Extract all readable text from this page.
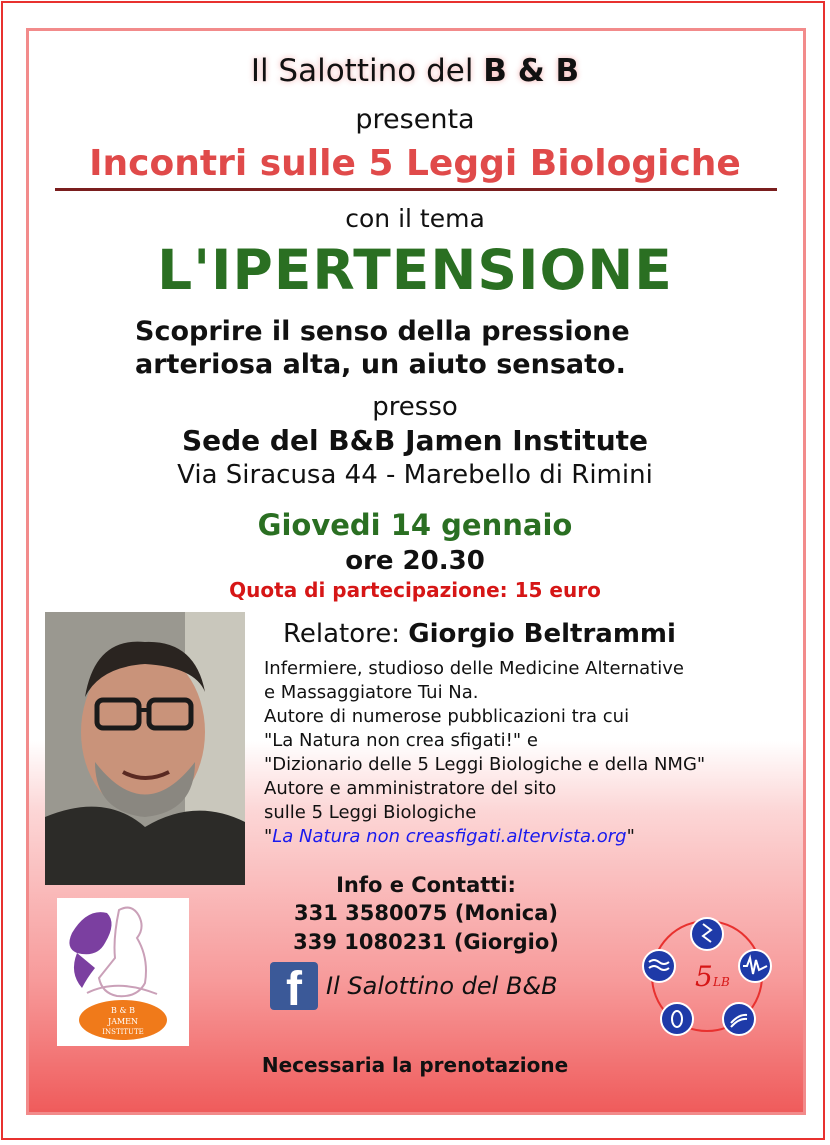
Il Salottino del B & B
presenta
Incontri sulle 5 Leggi Biologiche
con il tema
L'IPERTENSIONE
Scoprire il senso della pressione
arteriosa alta, un aiuto sensato.
presso
Sede del B&B Jamen Institute
Via Siracusa 44 - Marebello di Rimini
Giovedi 14 gennaio
ore 20.30
Quota di partecipazione: 15 euro
Relatore: Giorgio Beltrammi
Infermiere, studioso delle Medicine Alternative
e Massaggiatore Tui Na.
Autore di numerose pubblicazioni tra cui
"La Natura non crea sfigati!" e
"Dizionario delle 5 Leggi Biologiche e della NMG"
Autore e amministratore del sito
sulle 5 Leggi Biologiche
"La Natura non creasfigati.altervista.org"
B & B
JAMEN
INSTITUTE
Info e Contatti:
331 3580075 (Monica)
339 1080231 (Giorgio)
f Il Salottino del B&B	5 LB
Necessaria la prenotazione
